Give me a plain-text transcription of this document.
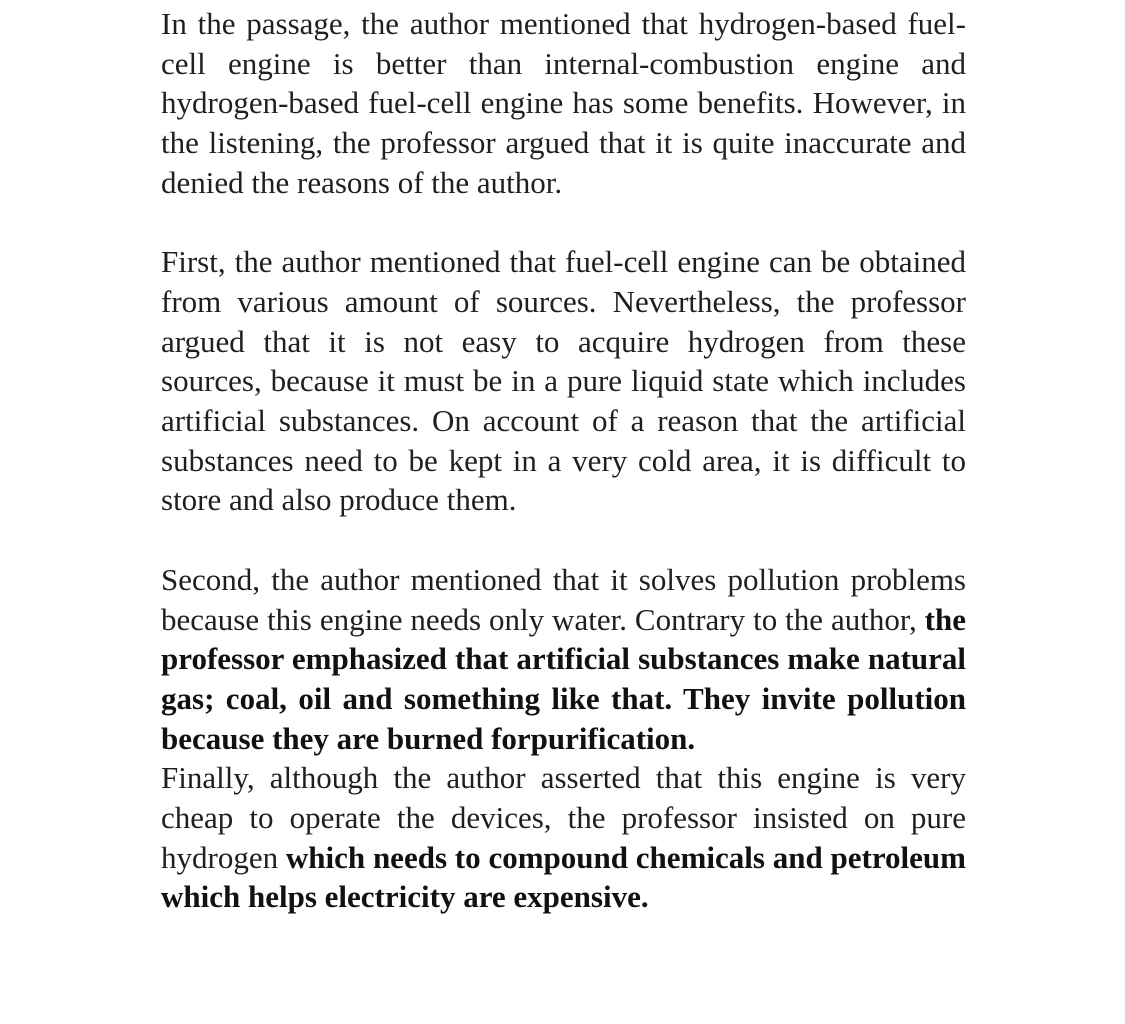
In the passage, the author mentioned that hydrogen-based fuel-cell engine is better than internal-combustion engine and hydrogen-based fuel-cell engine has some benefits. However, in the listening, the professor argued that it is quite inaccurate and denied the reasons of the author.

First, the author mentioned that fuel-cell engine can be obtained from various amount of sources. Nevertheless, the professor argued that it is not easy to acquire hydrogen from these sources, because it must be in a pure liquid state which includes artificial substances. On account of a reason that the artificial substances need to be kept in a very cold area, it is difficult to store and also produce them.

Second, the author mentioned that it solves pollution problems because this engine needs only water. Contrary to the author, the professor emphasized that artificial substances make natural gas; coal, oil and something like that. They invite pollution because they are burned forpurification.

Finally, although the author asserted that this engine is very cheap to operate the devices, the professor insisted on pure hydrogen which needs to compound chemicals and petroleum which helps electricity are expensive.
